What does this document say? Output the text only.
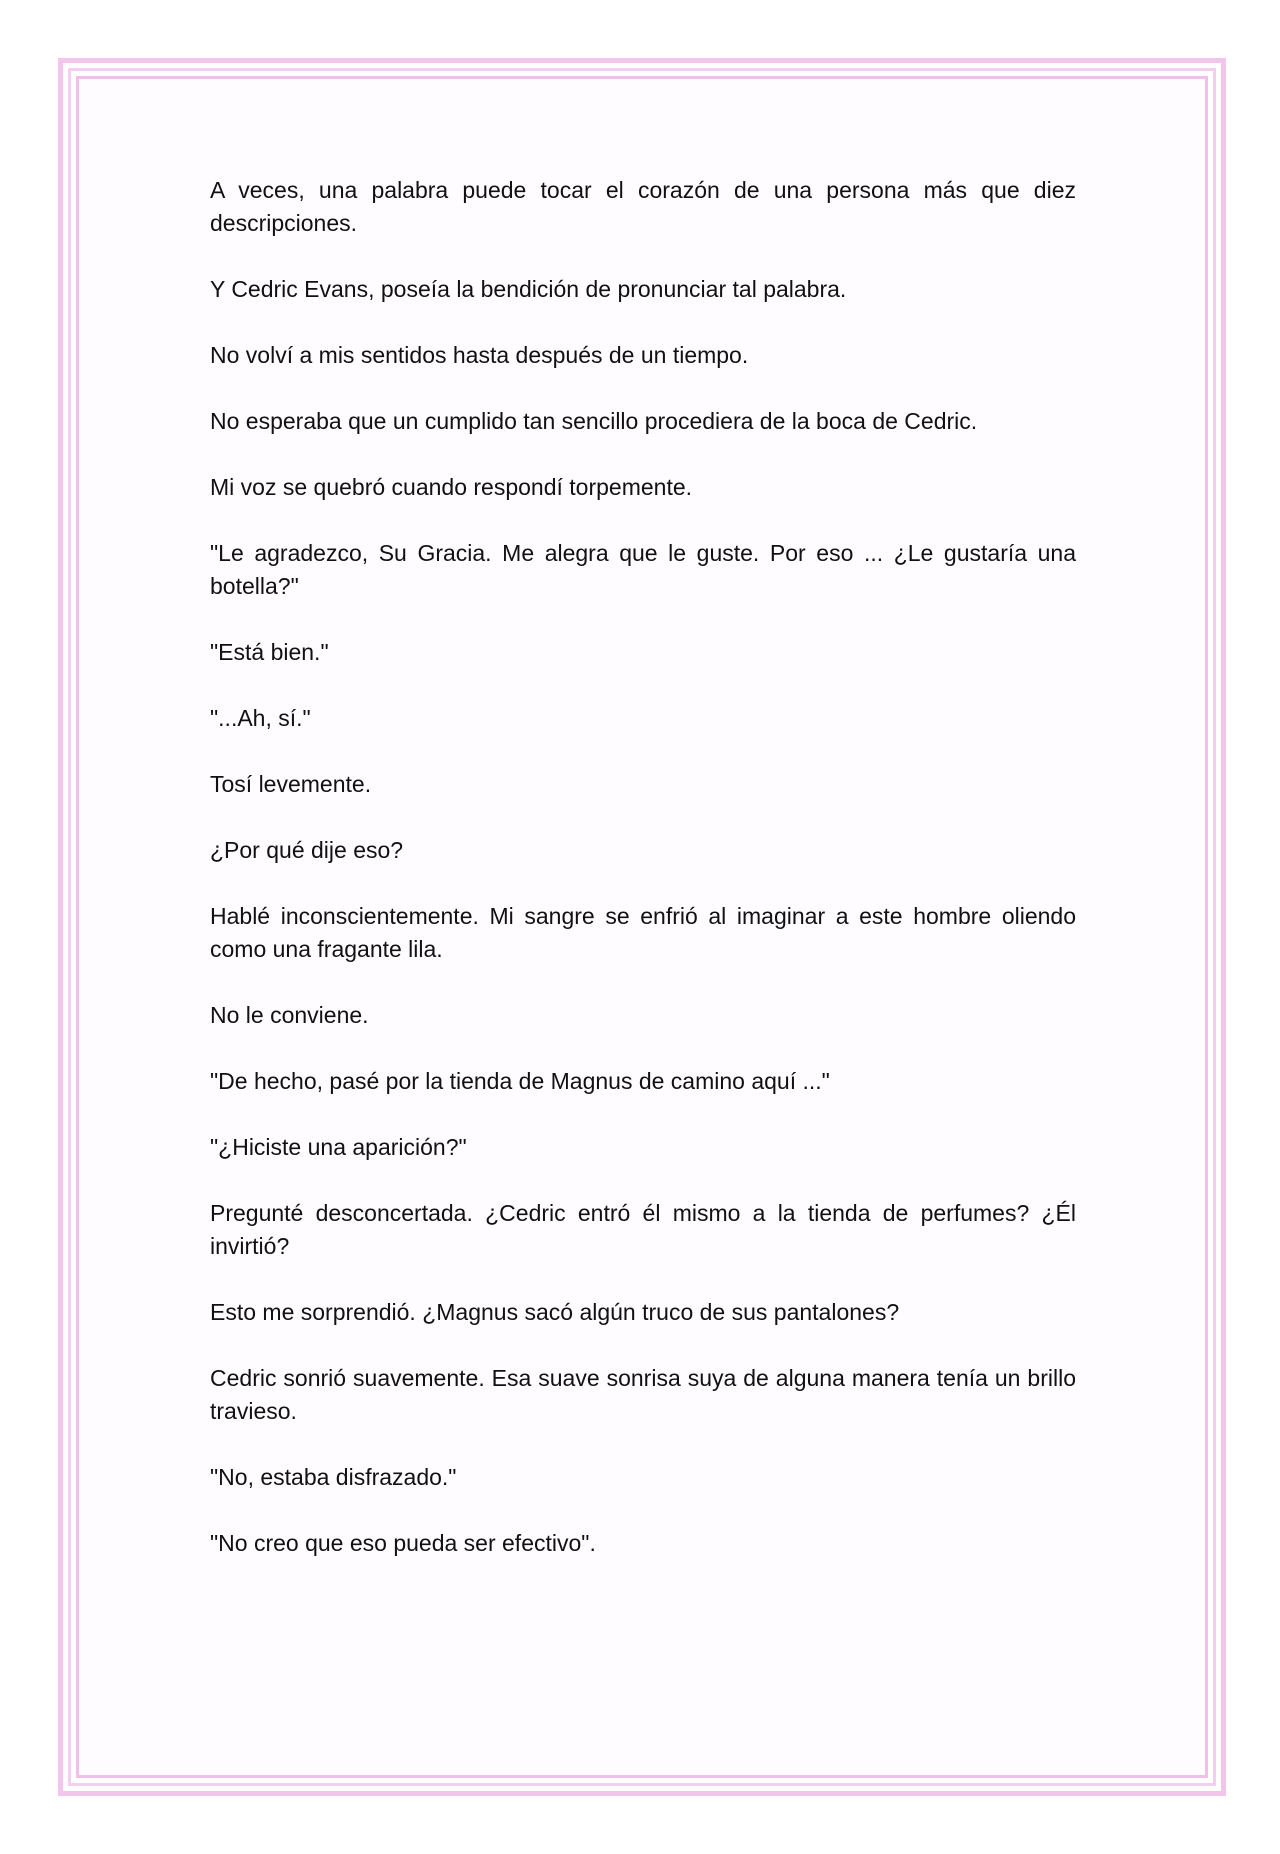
A veces, una palabra puede tocar el corazón de una persona más que diez descripciones.

Y Cedric Evans, poseía la bendición de pronunciar tal palabra.

No volví a mis sentidos hasta después de un tiempo.

No esperaba que un cumplido tan sencillo procediera de la boca de Cedric.

Mi voz se quebró cuando respondí torpemente.

"Le agradezco, Su Gracia. Me alegra que le guste. Por eso ... ¿Le gustaría una botella?"

"Está bien."

"...Ah, sí."

Tosí levemente.

¿Por qué dije eso?

Hablé inconscientemente. Mi sangre se enfrió al imaginar a este hombre oliendo como una fragante lila.

No le conviene.

"De hecho, pasé por la tienda de Magnus de camino aquí ..."

"¿Hiciste una aparición?"

Pregunté desconcertada. ¿Cedric entró él mismo a la tienda de perfumes? ¿Él invirtió?

Esto me sorprendió. ¿Magnus sacó algún truco de sus pantalones?

Cedric sonrió suavemente. Esa suave sonrisa suya de alguna manera tenía un brillo travieso.

"No, estaba disfrazado."

"No creo que eso pueda ser efectivo".
